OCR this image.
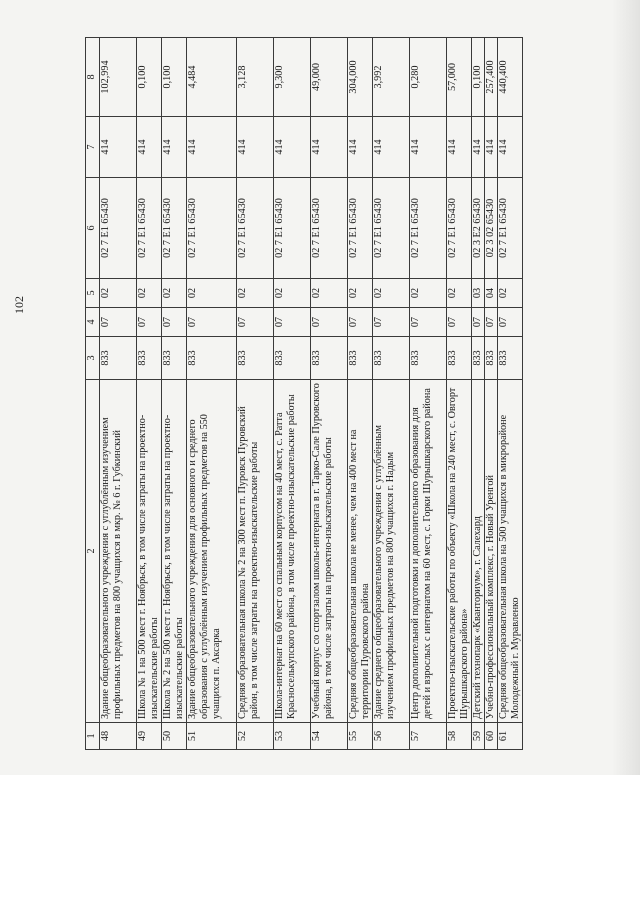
102
1	2	3	4	5	6	7	8
48	Здание общеобразовательного учреждения с углублённым изучением профильных предметов на 800 учащихся в мкр. № 6 г. Губкинский	833	07	02	02 7 E1 65430	414	102,994
49	Школа № 1 на 500 мест г. Ноябрьск, в том числе затраты на проектно-изыскательские работы	833	07	02	02 7 E1 65430	414	0,100
50	Школа № 2 на 500 мест г. Ноябрьск, в том числе затраты на проектно-изыскательские работы	833	07	02	02 7 E1 65430	414	0,100
51	Здание общеобразовательного учреждения для основного и среднего образования с углублённым изучением профильных предметов на 550 учащихся п. Аксарка	833	07	02	02 7 E1 65430	414	4,484
52	Средняя образовательная школа № 2 на 300 мест п. Пуровск Пуровский район, в том числе затраты на проектно-изыскательские работы	833	07	02	02 7 E1 65430	414	3,128
53	Школа-интернат на 60 мест со спальным корпусом на 40 мест, с. Ратта Красноселькупского района, в том числе проектно-изыскательские работы	833	07	02	02 7 E1 65430	414	9,300
54	Учебный корпус со спортзалом школы-интерната в г. Тарко-Сале Пуровского района, в том числе затраты на проектно-изыскательские работы	833	07	02	02 7 E1 65430	414	49,000
55	Средняя общеобразовательная школа не менее, чем на 400 мест на территории Пуровского района	833	07	02	02 7 E1 65430	414	304,000
56	Здание среднего общеобразовательного учреждения с углублённым изучением профильных предметов на 800 учащихся г. Надым	833	07	02	02 7 E1 65430	414	3,992
57	Центр дополнительной подготовки и дополнительного образования для детей и взрослых с интернатом на 60 мест, с. Горки Шурышкарского района	833	07	02	02 7 E1 65430	414	0,280
58	Проектно-изыскательские работы по объекту «Школа на 240 мест, с. Овгорт Шурышкарского района»	833	07	02	02 7 E1 65430	414	57,000
59	Детский технопарк «Кванториум», г. Салехард	833	07	03	02 3 E2 65430	414	0,100
60	Учебно-профессиональный комплекс, г. Новый Уренгой	833	07	04	02 3 02 65430	414	257,400
61	Средняя общеобразовательная школа на 500 учащихся в микрорайоне Молодежный г. Муравленко	833	07	02	02 7 E1 65430	414	440,400
